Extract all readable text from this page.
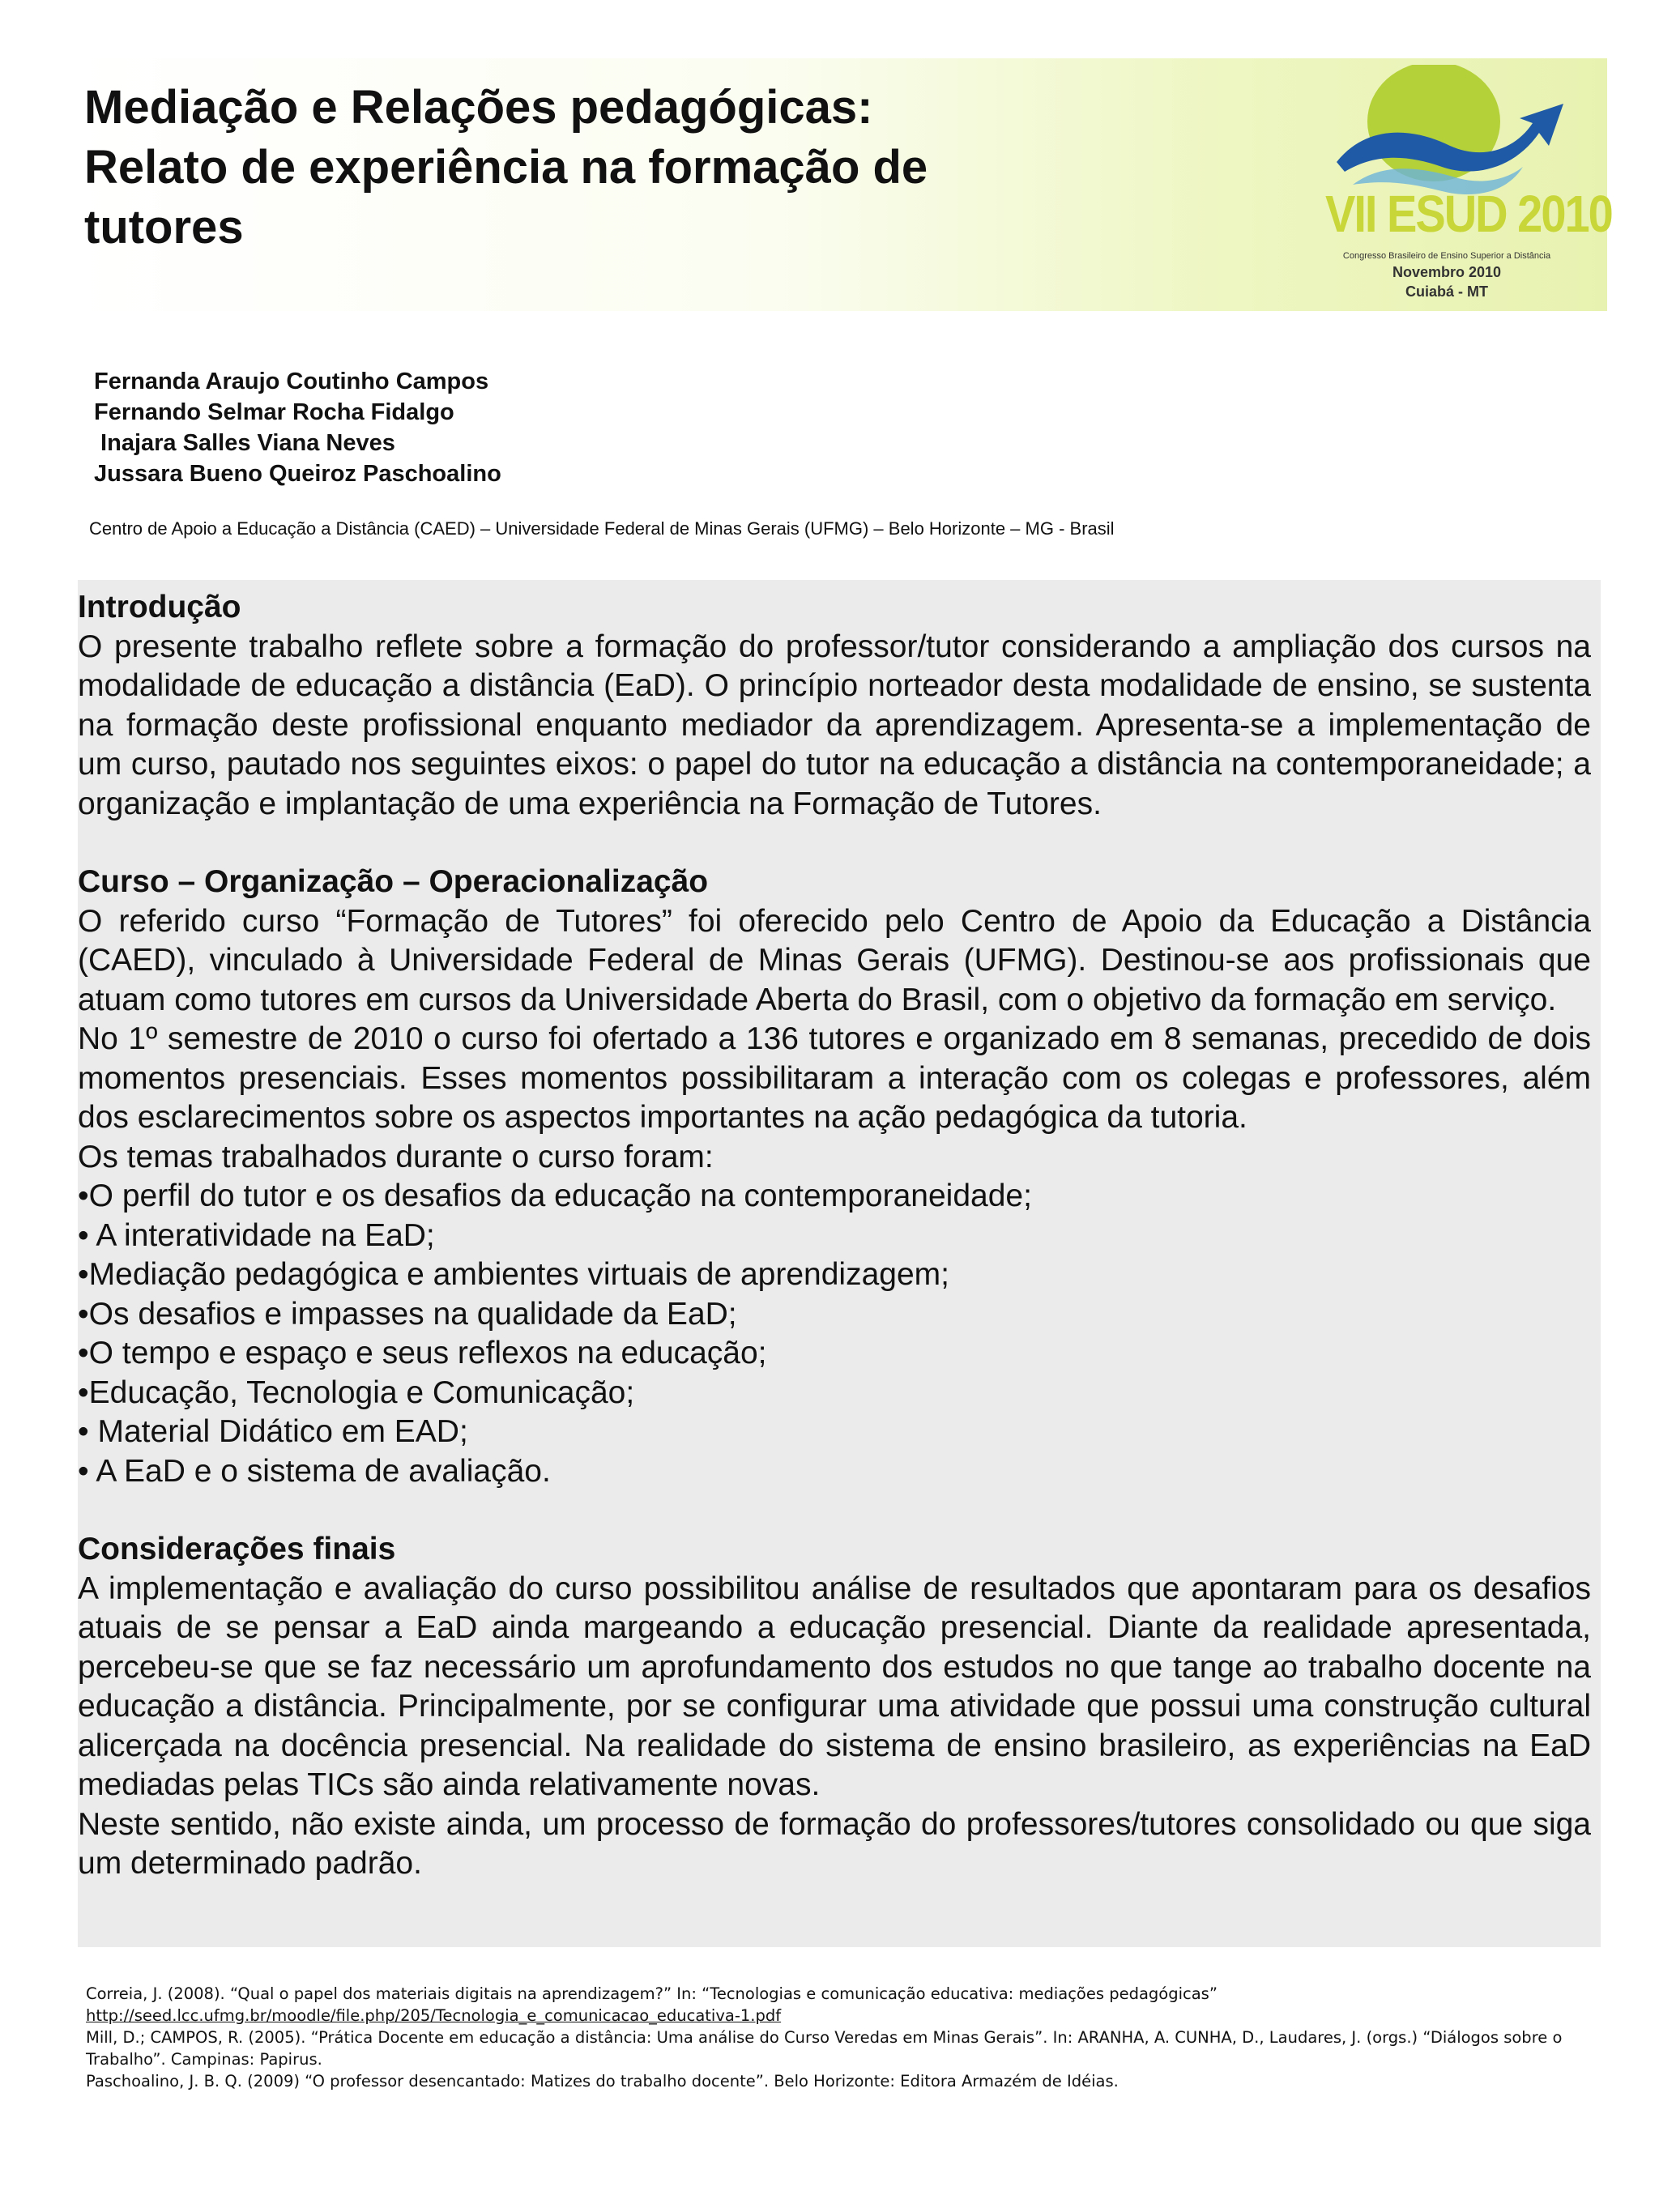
Mediação e Relações pedagógicas:
Relato de experiência na formação de
tutores	VII ESUD 2010
Congresso Brasileiro de Ensino Superior a Distância
Novembro 2010
Cuiabá - MT
Fernanda Araujo Coutinho Campos
Fernando Selmar Rocha Fidalgo
Inajara Salles Viana Neves
Jussara Bueno Queiroz Paschoalino
Centro de Apoio a Educação a Distância (CAED) – Universidade Federal de Minas Gerais (UFMG) – Belo Horizonte – MG - Brasil

Introdução

O presente trabalho reflete sobre a formação do professor/tutor considerando a ampliação dos cursos na modalidade de educação a distância (EaD). O princípio norteador desta modalidade de ensino, se sustenta na formação deste profissional enquanto mediador da aprendizagem. Apresenta-se a implementação de um curso, pautado nos seguintes eixos: o papel do tutor na educação a distância na contemporaneidade; a organização e implantação de uma experiência na Formação de Tutores.

Curso – Organização – Operacionalização

O referido curso “Formação de Tutores” foi oferecido pelo Centro de Apoio da Educação a Distância (CAED), vinculado à Universidade Federal de Minas Gerais (UFMG). Destinou-se aos profissionais que atuam como tutores em cursos da Universidade Aberta do Brasil, com o objetivo da formação em serviço.

No 1º semestre de 2010 o curso foi ofertado a 136 tutores e organizado em 8 semanas, precedido de dois momentos presenciais. Esses momentos possibilitaram a interação com os colegas e professores, além dos esclarecimentos sobre os aspectos importantes na ação pedagógica da tutoria.

Os temas trabalhados durante o curso foram:

•O perfil do tutor e os desafios da educação na contemporaneidade;
• A interatividade na EaD;
•Mediação pedagógica e ambientes virtuais de aprendizagem;
•Os desafios e impasses na qualidade da EaD;
•O tempo e espaço e seus reflexos na educação;
•Educação, Tecnologia e Comunicação;
• Material Didático em EAD;
• A EaD e o sistema de avaliação.

Considerações finais

A implementação e avaliação do curso possibilitou análise de resultados que apontaram para os desafios atuais de se pensar a EaD ainda margeando a educação presencial. Diante da realidade apresentada, percebeu-se que se faz necessário um aprofundamento dos estudos no que tange ao trabalho docente na educação a distância. Principalmente, por se configurar uma atividade que possui uma construção cultural alicerçada na docência presencial. Na realidade do sistema de ensino brasileiro, as experiências na EaD mediadas pelas TICs são ainda relativamente novas.

Neste sentido, não existe ainda, um processo de formação do professores/tutores consolidado ou que siga um determinado padrão.

Correia, J. (2008). “Qual o papel dos materiais digitais na aprendizagem?” In: “Tecnologias e comunicação educativa: mediações pedagógicas”

http://seed.lcc.ufmg.br/moodle/file.php/205/Tecnologia_e_comunicacao_educativa-1.pdf

Mill, D.; CAMPOS, R. (2005). “Prática Docente em educação a distância: Uma análise do Curso Veredas em Minas Gerais”. In: ARANHA, A. CUNHA, D., Laudares, J. (orgs.) “Diálogos sobre o Trabalho”. Campinas: Papirus.

Paschoalino, J. B. Q. (2009) “O professor desencantado: Matizes do trabalho docente”. Belo Horizonte: Editora Armazém de Idéias.
